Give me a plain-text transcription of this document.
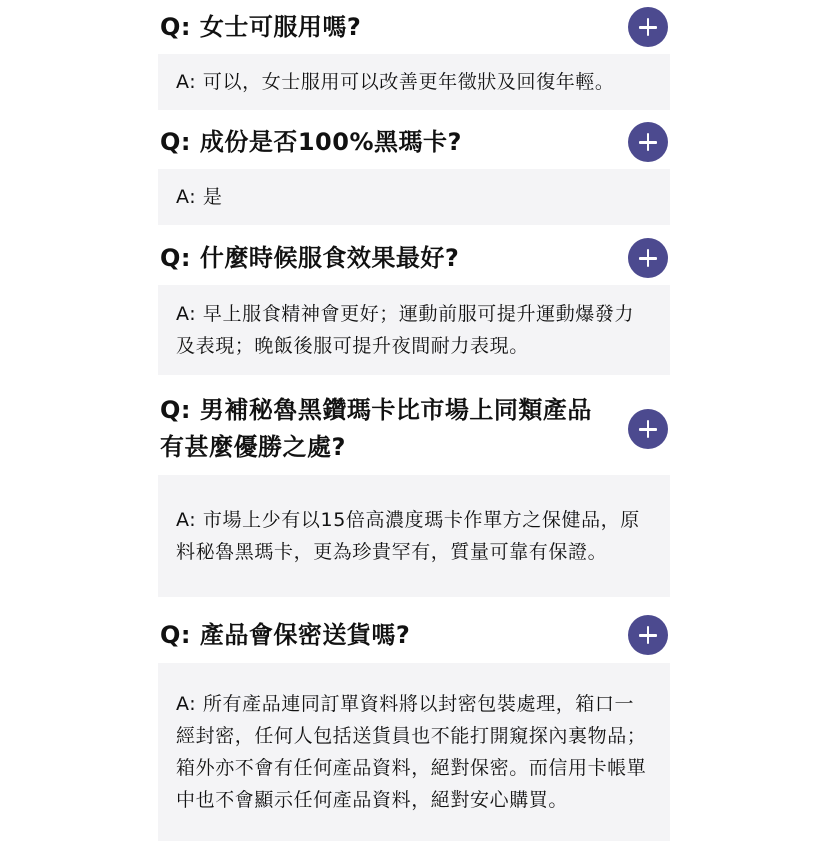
Q: 女士可服用嗎?
A: 可以，女士服用可以改善更年徵狀及回復年輕。
Q: 成份是否100%黑瑪卡?
A: 是
Q: 什麼時候服食效果最好?
A: 早上服食精神會更好；運動前服可提升運動爆發力及表現；晚飯後服可提升夜間耐力表現。
Q: 男補秘魯黑鑽瑪卡比市場上同類產品有甚麼優勝之處?
A: 市場上少有以15倍高濃度瑪卡作單方之保健品，原料秘魯黑瑪卡，更為珍貴罕有，質量可靠有保證。
Q: 產品會保密送貨嗎?
A: 所有產品連同訂單資料將以封密包裝處理，箱口一經封密，任何人包括送貨員也不能打開窺探內裏物品；箱外亦不會有任何產品資料，絕對保密。而信用卡帳單中也不會顯示任何產品資料，絕對安心購買。
